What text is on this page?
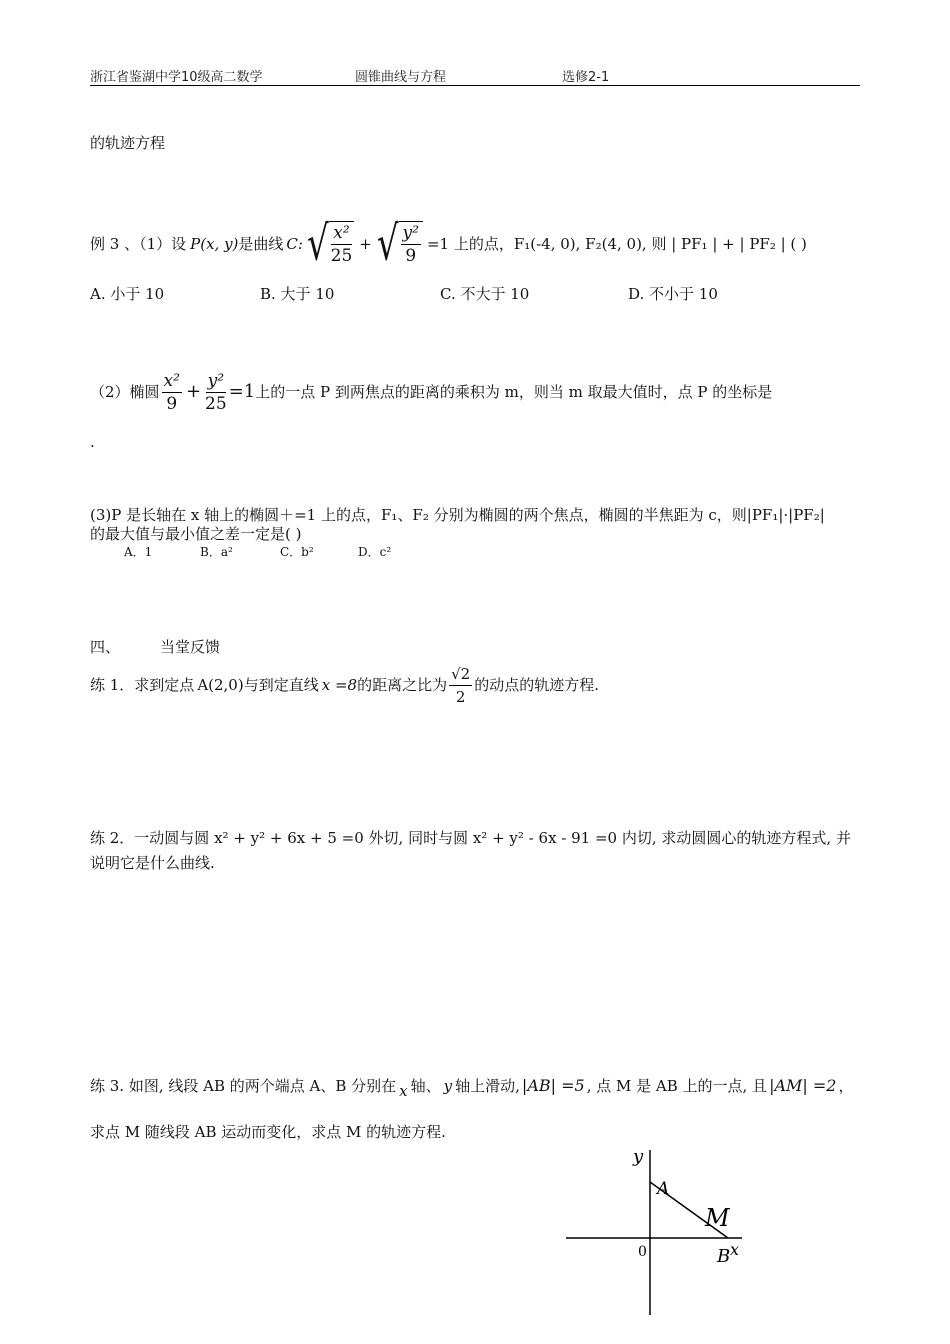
浙江省鉴湖中学10级高二数学	圆锥曲线与方程	选修2-1
的轨迹方程
例 3 、（1）设 P(x, y) 是曲线 C: √ $\frac{\text{x²}}{25}$ + √ $\frac{\text{y²}}{9} =1$ 上的点， F₁(-4, 0), F₂(4, 0), 则 | PF₁ | + | PF₂ | ( )
A. 小于 10	B. 大于 10	C. 不大于 10	D. 不小于 10
（2）椭圆 $\frac{\text{x²}}{9} + \frac{\text{y²}}{25} =1$ 上的一点 P 到两焦点的距离的乘积为 m，则当 m 取最大值时，点 P 的坐标是
.
(3)P 是长轴在 x 轴上的椭圆＋=1 上的点，F₁、F₂ 分别为椭圆的两个焦点，椭圆的半焦距为 c，则|PF₁|·|PF₂|
的最大值与最小值之差一定是( )
A．1	B．a²	C．b²	D．c²
四、	当堂反馈
练 1．求到定点 A(2,0) 与到定直线 x =8 的距离之比为 $\frac{√2}{2}$ 的动点的轨迹方程.
练 2．一动圆与圆 x² + y² + 6x + 5 =0 外切, 同时与圆 x² + y² - 6x - 91 =0 内切, 求动圆圆心的轨迹方程式, 并
说明它是什么曲线.
练 3. 如图, 线段 AB 的两个端点 A、B 分别在 x 轴、 y 轴上滑动, |AB| =5 , 点 M 是 AB 上的一点, 且 |AM| =2 ，
求点 M 随线段 AB 运动而变化，求点 M 的轨迹方程.
y
x
0
A
M
B
